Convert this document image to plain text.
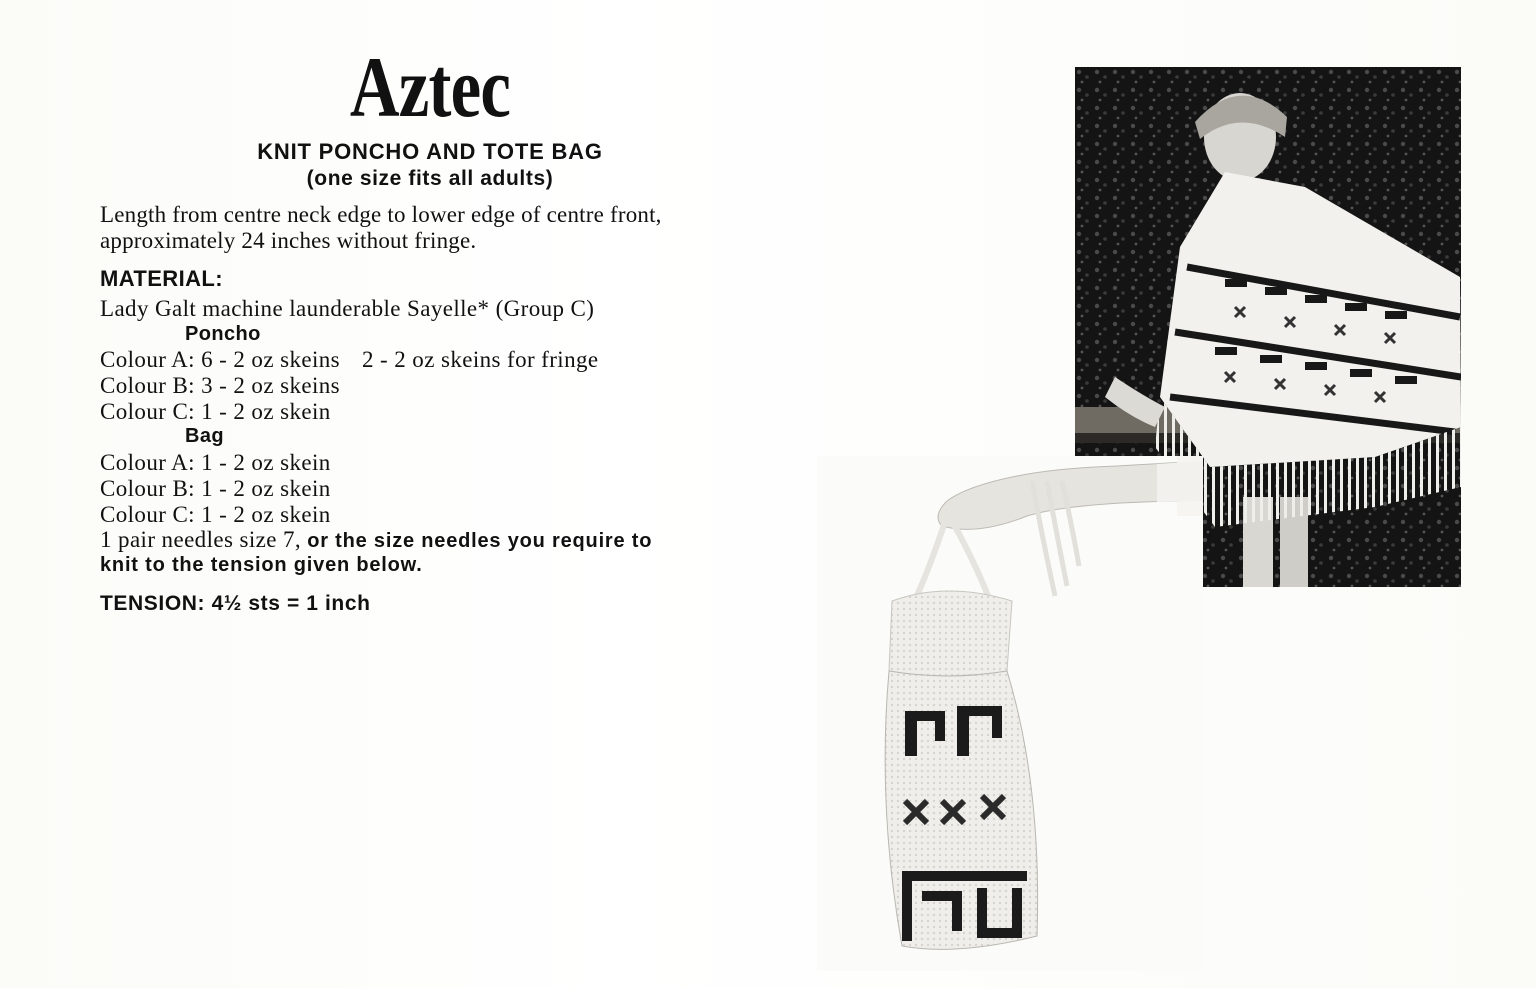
Aztec
KNIT PONCHO AND TOTE BAG
(one size fits all adults)
Length from centre neck edge to lower edge of centre front,
approximately 24 inches without fringe.
MATERIAL:
Lady Galt machine launderable Sayelle* (Group C)
Poncho
Colour A: 6 - 2 oz skeins 2 - 2 oz skeins for fringe
Colour B: 3 - 2 oz skeins
Colour C: 1 - 2 oz skein
Bag
Colour A: 1 - 2 oz skein
Colour B: 1 - 2 oz skein
Colour C: 1 - 2 oz skein
1 pair needles size 7, or the size needles you require to
knit to the tension given below.
TENSION: 4½ sts = 1 inch
